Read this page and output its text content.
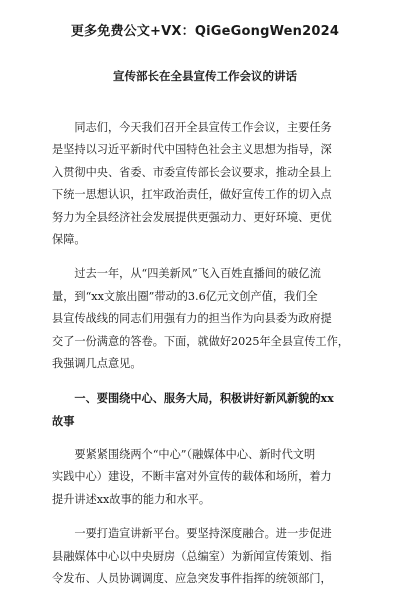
更多免费公文+VX：QiGeGongWen2024
宣传部长在全县宣传工作会议的讲话
　　同志们，今天我们召开全县宣传工作会议，主要任务
是坚持以习近平新时代中国特色社会主义思想为指导，深
入贯彻中央、省委、市委宣传部长会议要求，推动全县上
下统一思想认识，扛牢政治责任，做好宣传工作的切入点
努力为全县经济社会发展提供更强动力、更好环境、更优
保障。
　　过去一年，从“四美新风”飞入百姓直播间的破亿流
量，到“xx文旅出圈”带动的3.6亿元文创产值，我们全
县宣传战线的同志们用强有力的担当作为向县委为政府提
交了一份满意的答卷。下面，就做好2025年全县宣传工作，
我强调几点意见。
　　一、要围绕中心、服务大局，积极讲好新风新貌的xx
故事
　　要紧紧围绕两个“中心”（融媒体中心、新时代文明
实践中心）建设，不断丰富对外宣传的载体和场所，着力
提升讲述xx故事的能力和水平。
　　一要打造宣讲新平台。要坚持深度融合。进一步促进
县融媒体中心以中央厨房（总编室）为新闻宣传策划、指
令发布、人员协调调度、应急突发事件指挥的统领部门，
